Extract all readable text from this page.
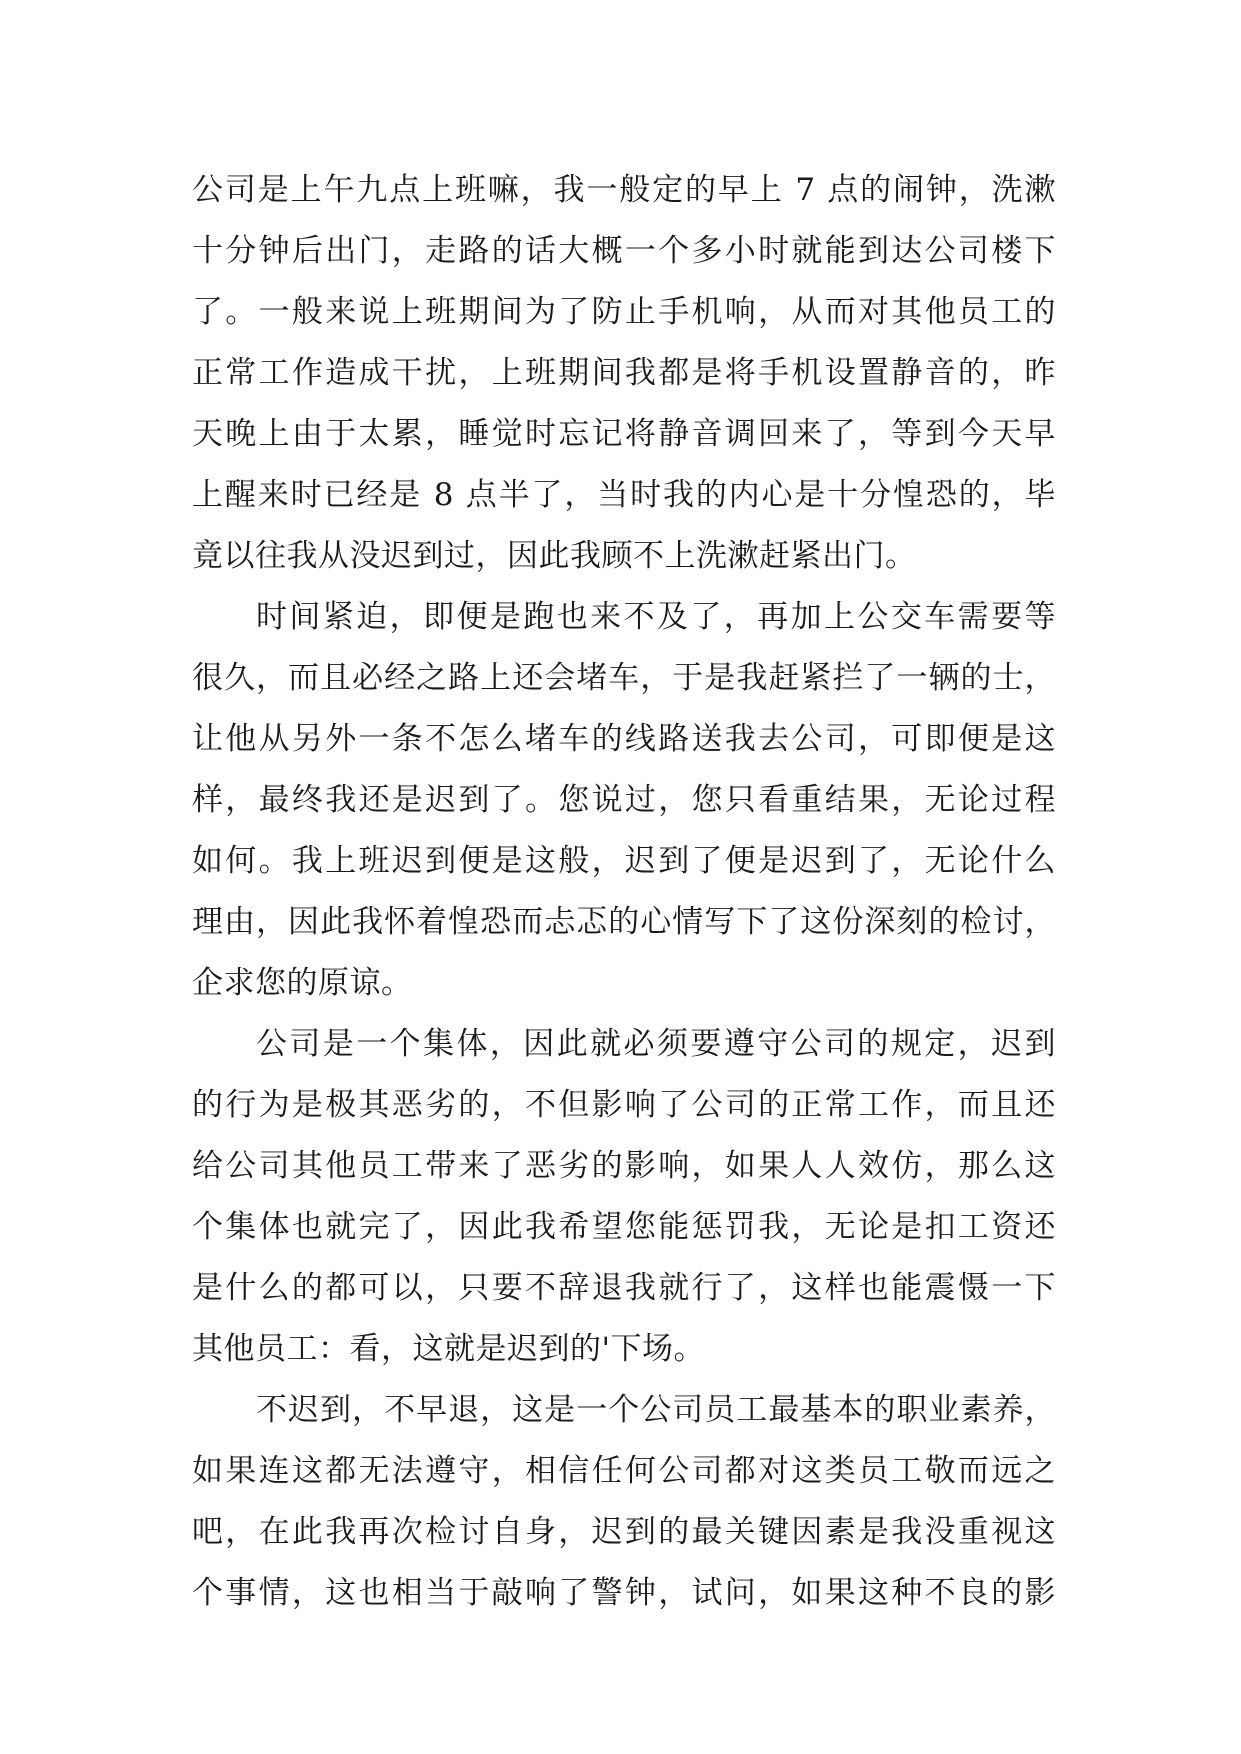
公司是上午九点上班嘛，我一般定的早上 7 点的闹钟，洗漱
十分钟后出门，走路的话大概一个多小时就能到达公司楼下
了。一般来说上班期间为了防止手机响，从而对其他员工的
正常工作造成干扰，上班期间我都是将手机设置静音的，昨
天晚上由于太累，睡觉时忘记将静音调回来了，等到今天早
上醒来时已经是 8 点半了，当时我的内心是十分惶恐的，毕
竟以往我从没迟到过，因此我顾不上洗漱赶紧出门。
时间紧迫，即便是跑也来不及了，再加上公交车需要等
很久，而且必经之路上还会堵车，于是我赶紧拦了一辆的士，
让他从另外一条不怎么堵车的线路送我去公司，可即便是这
样，最终我还是迟到了。您说过，您只看重结果，无论过程
如何。我上班迟到便是这般，迟到了便是迟到了，无论什么
理由，因此我怀着惶恐而忐忑的心情写下了这份深刻的检讨，
企求您的原谅。
公司是一个集体，因此就必须要遵守公司的规定，迟到
的行为是极其恶劣的，不但影响了公司的正常工作，而且还
给公司其他员工带来了恶劣的影响，如果人人效仿，那么这
个集体也就完了，因此我希望您能惩罚我，无论是扣工资还
是什么的都可以，只要不辞退我就行了，这样也能震慑一下
其他员工：看，这就是迟到的'下场。
不迟到，不早退，这是一个公司员工最基本的职业素养，
如果连这都无法遵守，相信任何公司都对这类员工敬而远之
吧，在此我再次检讨自身，迟到的最关键因素是我没重视这
个事情，这也相当于敲响了警钟，试问，如果这种不良的影
